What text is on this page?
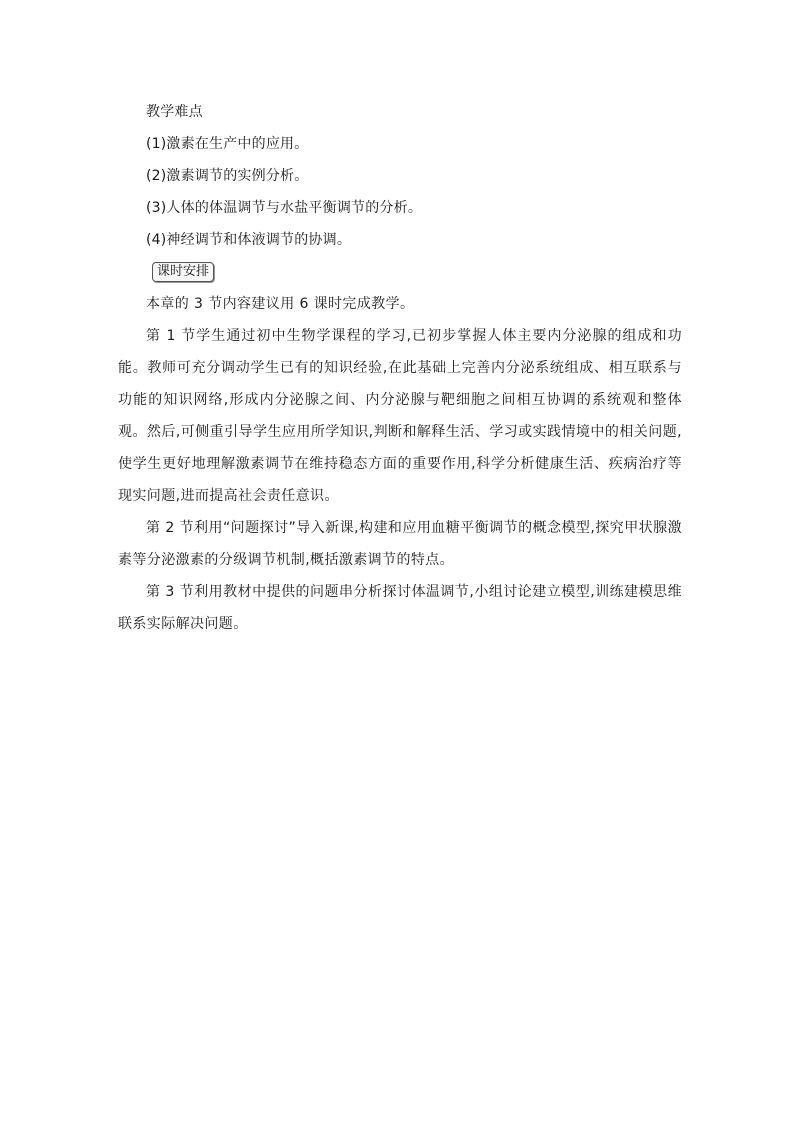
教学难点
(1)激素在生产中的应用。
(2)激素调节的实例分析。
(3)人体的体温调节与水盐平衡调节的分析。
(4)神经调节和体液调节的协调。
课时安排

本章的 3 节内容建议用 6 课时完成教学。

第 1 节学生通过初中生物学课程的学习,已初步掌握人体主要内分泌腺的组成和功能。教师可充分调动学生已有的知识经验,在此基础上完善内分泌系统组成、相互联系与功能的知识网络,形成内分泌腺之间、内分泌腺与靶细胞之间相互协调的系统观和整体观。然后,可侧重引导学生应用所学知识,判断和解释生活、学习或实践情境中的相关问题,使学生更好地理解激素调节在维持稳态方面的重要作用,科学分析健康生活、疾病治疗等现实问题,进而提高社会责任意识。

第 2 节利用“问题探讨”导入新课,构建和应用血糖平衡调节的概念模型,探究甲状腺激素等分泌激素的分级调节机制,概括激素调节的特点。

第 3 节利用教材中提供的问题串分析探讨体温调节,小组讨论建立模型,训练建模思维联系实际解决问题。
